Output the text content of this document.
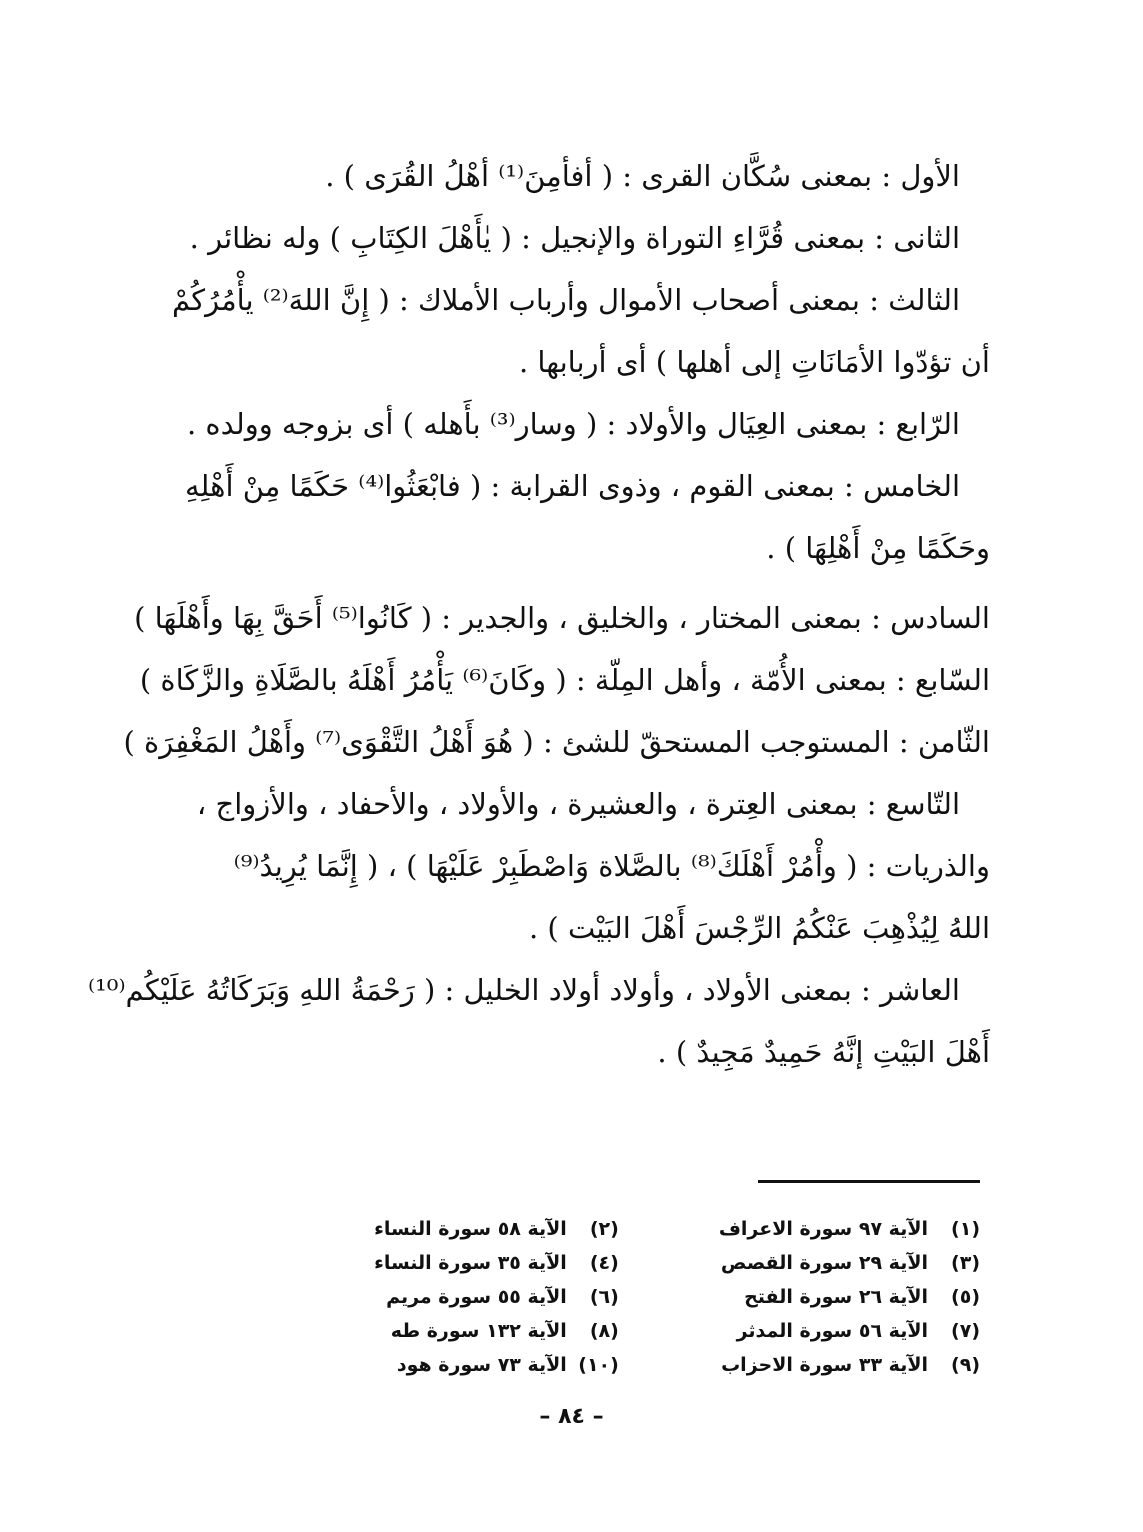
الأول : بمعنى سُكَّان القرى : ( أفأمِنَ⁽¹⁾ أهْلُ القُرَى ) .
الثانى : بمعنى قُرَّاءِ التوراة والإنجيل : ( يٰأَهْلَ الكِتَابِ ) وله نظائر .
الثالث : بمعنى أصحاب الأموال وأرباب الأملاك : ( إِنَّ اللهَ⁽²⁾ يأْمُرُكُمْ
أن تؤدّوا الأمَانَاتِ إلى أهلها ) أى أربابها .
الرّابع : بمعنى العِيَال والأولاد : ( وسار⁽³⁾ بأَهله ) أى بزوجه وولده .
الخامس : بمعنى القوم ، وذوى القرابة : ( فابْعَثُوا⁽⁴⁾ حَكَمًا مِنْ أَهْلِهِ
وحَكَمًا مِنْ أَهْلِهَا ) .
السادس : بمعنى المختار ، والخليق ، والجدير : ( كَانُوا⁽⁵⁾ أَحَقَّ بِهَا وأَهْلَهَا )
السّابع : بمعنى الأُمّة ، وأهل المِلّة : ( وكَانَ⁽⁶⁾ يَأْمُرُ أَهْلَهُ بالصَّلَاةِ والزَّكَاة )
الثّامن : المستوجب المستحقّ للشئ : ( هُوَ أَهْلُ التَّقْوَى⁽⁷⁾ وأَهْلُ المَغْفِرَة )
التّاسع : بمعنى العِترة ، والعشيرة ، والأولاد ، والأحفاد ، والأزواج ،
والذريات : ( وأْمُرْ أَهْلَكَ⁽⁸⁾ بالصَّلاة وَاصْطَبِرْ عَلَيْهَا ) ، ( إِنَّمَا يُرِيدُ⁽⁹⁾
اللهُ لِيُذْهِبَ عَنْكُمُ الرِّجْسَ أَهْلَ البَيْت ) .
العاشر : بمعنى الأولاد ، وأولاد أولاد الخليل : ( رَحْمَةُ اللهِ وَبَرَكَاتُهُ عَلَيْكُم⁽¹⁰⁾
أَهْلَ البَيْتِ إنَّهُ حَمِيدٌ مَجِيدٌ ) .
(١)الآية ٩٧ سورة الاعراف
(٣)الآية ٢٩ سورة القصص
(٥)الآية ٢٦ سورة الفتح
(٧)الآية ٥٦ سورة المدثر
(٩)الآية ٣٣ سورة الاحزاب
(٢)الآية ٥٨ سورة النساء
(٤)الآية ٣٥ سورة النساء
(٦)الآية ٥٥ سورة مريم
(٨)الآية ١٣٢ سورة طه
(١٠)الآية ٧٣ سورة هود
– ٨٤ –
